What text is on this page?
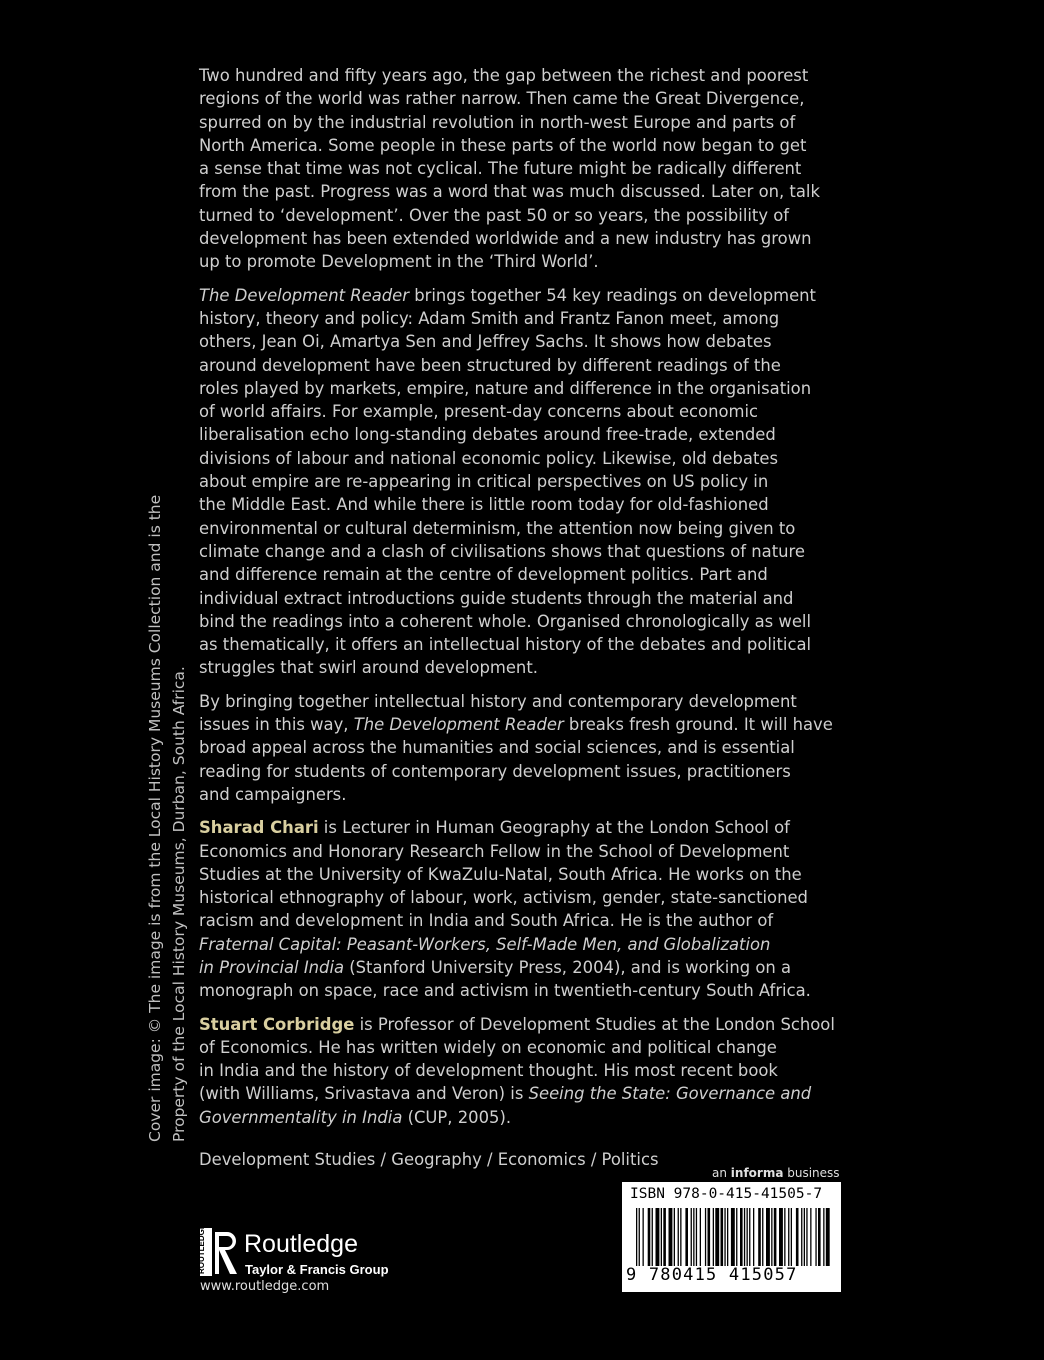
Cover image: © The image is from the Local History Museums Collection and is the Property of the Local History Museums, Durban, South Africa.

Two hundred and fifty years ago, the gap between the richest and poorest
regions of the world was rather narrow. Then came the Great Divergence,
spurred on by the industrial revolution in north-west Europe and parts of
North America. Some people in these parts of the world now began to get
a sense that time was not cyclical. The future might be radically different
from the past. Progress was a word that was much discussed. Later on, talk
turned to ‘development’. Over the past 50 or so years, the possibility of
development has been extended worldwide and a new industry has grown
up to promote Development in the ‘Third World’.

The Development Reader brings together 54 key readings on development
history, theory and policy: Adam Smith and Frantz Fanon meet, among
others, Jean Oi, Amartya Sen and Jeffrey Sachs. It shows how debates
around development have been structured by different readings of the
roles played by markets, empire, nature and difference in the organisation
of world affairs. For example, present-day concerns about economic
liberalisation echo long-standing debates around free-trade, extended
divisions of labour and national economic policy. Likewise, old debates
about empire are re-appearing in critical perspectives on US policy in
the Middle East. And while there is little room today for old-fashioned
environmental or cultural determinism, the attention now being given to
climate change and a clash of civilisations shows that questions of nature
and difference remain at the centre of development politics. Part and
individual extract introductions guide students through the material and
bind the readings into a coherent whole. Organised chronologically as well
as thematically, it offers an intellectual history of the debates and political
struggles that swirl around development.

By bringing together intellectual history and contemporary development
issues in this way, The Development Reader breaks fresh ground. It will have
broad appeal across the humanities and social sciences, and is essential
reading for students of contemporary development issues, practitioners
and campaigners.

Sharad Chari is Lecturer in Human Geography at the London School of
Economics and Honorary Research Fellow in the School of Development
Studies at the University of KwaZulu-Natal, South Africa. He works on the
historical ethnography of labour, work, activism, gender, state-sanctioned
racism and development in India and South Africa. He is the author of
Fraternal Capital: Peasant-Workers, Self-Made Men, and Globalization
in Provincial India (Stanford University Press, 2004), and is working on a
monograph on space, race and activism in twentieth-century South Africa.

Stuart Corbridge is Professor of Development Studies at the London School
of Economics. He has written widely on economic and political change
in India and the history of development thought. His most recent book
(with Williams, Srivastava and Veron) is Seeing the State: Governance and
Governmentality in India (CUP, 2005).

Development Studies / Geography / Economics / Politics
an informa business
ISBN 978-0-415-41505-7
9 780415 415057
ROUTLEDGE Routledge
Taylor & Francis Group
www.routledge.com
